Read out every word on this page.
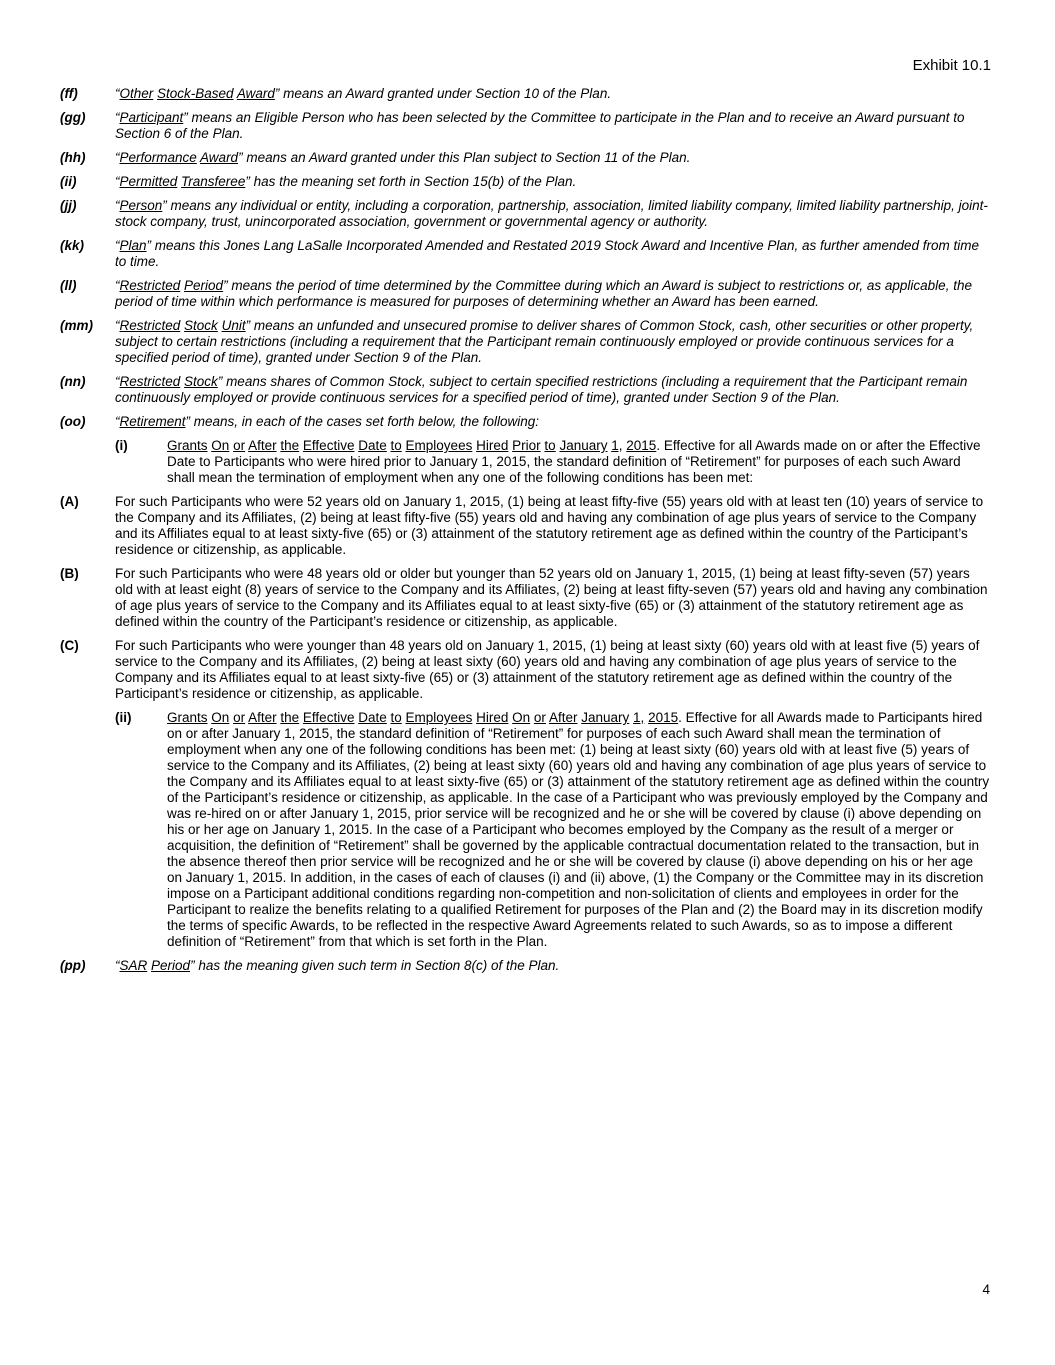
Exhibit 10.1
(ff)	“Other Stock-Based Award” means an Award granted under Section 10 of the Plan.
(gg)	“Participant” means an Eligible Person who has been selected by the Committee to participate in the Plan and to receive an Award pursuant to Section 6 of the Plan.
(hh)	“Performance Award” means an Award granted under this Plan subject to Section 11 of the Plan.
(ii)	“Permitted Transferee” has the meaning set forth in Section 15(b) of the Plan.
(jj)	“Person” means any individual or entity, including a corporation, partnership, association, limited liability company, limited liability partnership, joint-stock company, trust, unincorporated association, government or governmental agency or authority.
(kk)	“Plan” means this Jones Lang LaSalle Incorporated Amended and Restated 2019 Stock Award and Incentive Plan, as further amended from time to time.
(ll)	“Restricted Period” means the period of time determined by the Committee during which an Award is subject to restrictions or, as applicable, the period of time within which performance is measured for purposes of determining whether an Award has been earned.
(mm)	“Restricted Stock Unit” means an unfunded and unsecured promise to deliver shares of Common Stock, cash, other securities or other property, subject to certain restrictions (including a requirement that the Participant remain continuously employed or provide continuous services for a specified period of time), granted under Section 9 of the Plan.
(nn)	“Restricted Stock” means shares of Common Stock, subject to certain specified restrictions (including a requirement that the Participant remain continuously employed or provide continuous services for a specified period of time), granted under Section 9 of the Plan.
(oo)	“Retirement” means, in each of the cases set forth below, the following:
(i)	Grants On or After the Effective Date to Employees Hired Prior to January 1, 2015. Effective for all Awards made on or after the Effective Date to Participants who were hired prior to January 1, 2015, the standard definition of “Retirement” for purposes of each such Award shall mean the termination of employment when any one of the following conditions has been met:
(A)	For such Participants who were 52 years old on January 1, 2015, (1) being at least fifty-five (55) years old with at least ten (10) years of service to the Company and its Affiliates, (2) being at least fifty-five (55) years old and having any combination of age plus years of service to the Company and its Affiliates equal to at least sixty-five (65) or (3) attainment of the statutory retirement age as defined within the country of the Participant’s residence or citizenship, as applicable.
(B)	For such Participants who were 48 years old or older but younger than 52 years old on January 1, 2015, (1) being at least fifty-seven (57) years old with at least eight (8) years of service to the Company and its Affiliates, (2) being at least fifty-seven (57) years old and having any combination of age plus years of service to the Company and its Affiliates equal to at least sixty-five (65) or (3) attainment of the statutory retirement age as defined within the country of the Participant’s residence or citizenship, as applicable.
(C)	For such Participants who were younger than 48 years old on January 1, 2015, (1) being at least sixty (60) years old with at least five (5) years of service to the Company and its Affiliates, (2) being at least sixty (60) years old and having any combination of age plus years of service to the Company and its Affiliates equal to at least sixty-five (65) or (3) attainment of the statutory retirement age as defined within the country of the Participant’s residence or citizenship, as applicable.
(ii)	Grants On or After the Effective Date to Employees Hired On or After January 1, 2015. Effective for all Awards made to Participants hired on or after January 1, 2015, the standard definition of “Retirement” for purposes of each such Award shall mean the termination of employment when any one of the following conditions has been met: (1) being at least sixty (60) years old with at least five (5) years of service to the Company and its Affiliates, (2) being at least sixty (60) years old and having any combination of age plus years of service to the Company and its Affiliates equal to at least sixty-five (65) or (3) attainment of the statutory retirement age as defined within the country of the Participant’s residence or citizenship, as applicable. In the case of a Participant who was previously employed by the Company and was re-hired on or after January 1, 2015, prior service will be recognized and he or she will be covered by clause (i) above depending on his or her age on January 1, 2015. In the case of a Participant who becomes employed by the Company as the result of a merger or acquisition, the definition of “Retirement” shall be governed by the applicable contractual documentation related to the transaction, but in the absence thereof then prior service will be recognized and he or she will be covered by clause (i) above depending on his or her age on January 1, 2015. In addition, in the cases of each of clauses (i) and (ii) above, (1) the Company or the Committee may in its discretion impose on a Participant additional conditions regarding non-competition and non-solicitation of clients and employees in order for the Participant to realize the benefits relating to a qualified Retirement for purposes of the Plan and (2) the Board may in its discretion modify the terms of specific Awards, to be reflected in the respective Award Agreements related to such Awards, so as to impose a different definition of “Retirement” from that which is set forth in the Plan.
(pp)	“SAR Period” has the meaning given such term in Section 8(c) of the Plan.
4
